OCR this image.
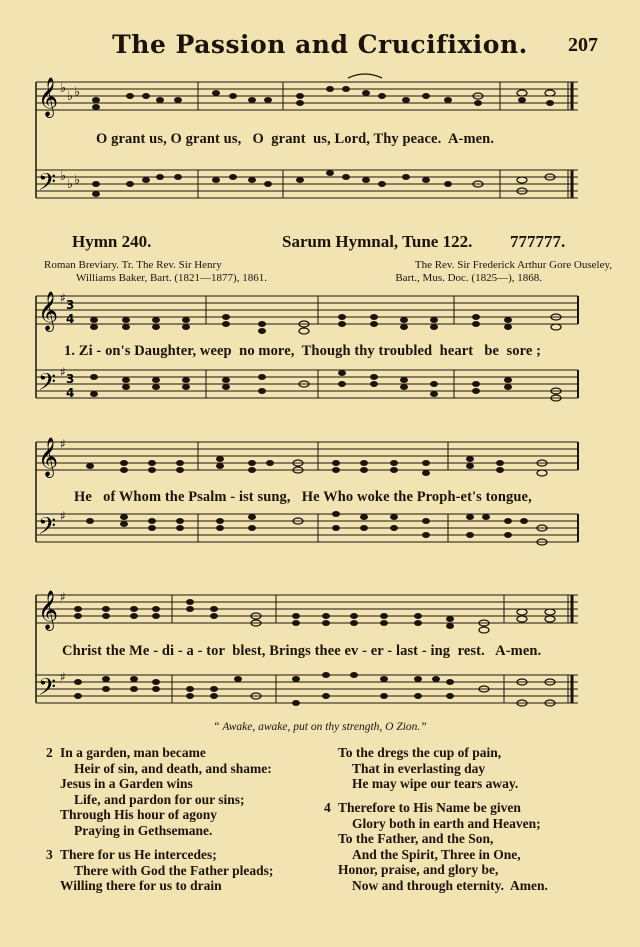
The Passion and Crucifixion.	207
𝄞
𝄢
♭
♭ ♭
♭
♭ ♭
O grant us, O grant us,   O  grant  us, Lord, Thy peace.  A-men.
Hymn 240.	Sarum Hymnal, Tune 122. 777777.
Roman Breviary. Tr. The Rev. Sir Henry
Williams Baker, Bart. (1821—1877), 1861.
The Rev. Sir Frederick Arthur Gore Ouseley,
Bart., Mus. Doc. (1825—), 1868.
𝄞
𝄢
♯
♯
3
4
3
4
1. Zi - on's Daughter, weep  no more,  Though thy troubled  heart   be  sore ;
𝄞
𝄢
♯
♯
He   of Whom the Psalm - ist sung,   He Who woke the Proph-et's tongue,
𝄞
𝄢
♯
♯
Christ the Me - di - a - tor  blest, Brings thee ev - er - last - ing  rest.   A-men.
“ Awake, awake, put on thy strength, O Zion.”
2 In a garden, man became
Heir of sin, and death, and shame:
Jesus in a Garden wins
Life, and pardon for our sins;
Through His hour of agony
Praying in Gethsemane.
3 There for us He intercedes;
There with God the Father pleads;
Willing there for us to drain
To the dregs the cup of pain,
That in everlasting day
He may wipe our tears away.
4 Therefore to His Name be given
Glory both in earth and Heaven;
To the Father, and the Son,
And the Spirit, Three in One,
Honor, praise, and glory be,
Now and through eternity.  Amen.
